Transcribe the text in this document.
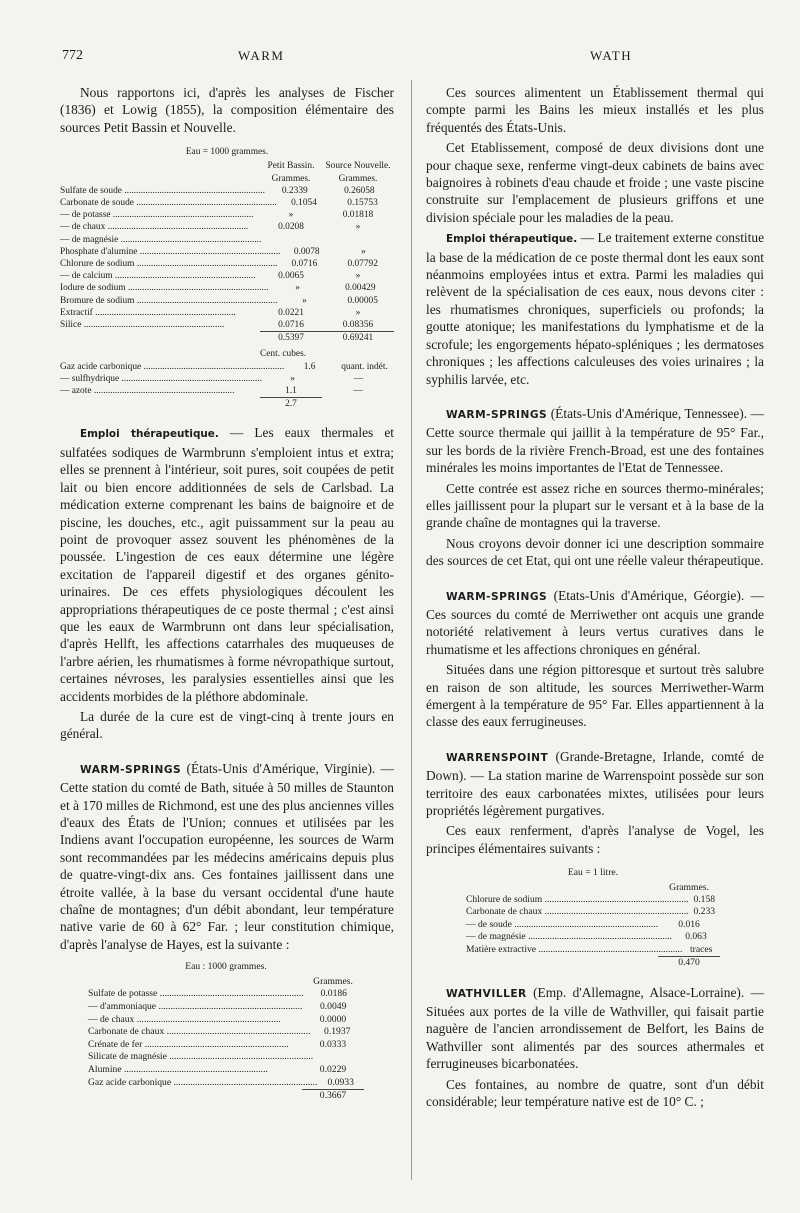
772	WARM	WATH

Nous rapportons ici, d'après les analyses de Fischer (1836) et Lowig (1855), la composition élémentaire des sources Petit Bassin et Nouvelle.

Eau = 1000 grammes.
Petit Bassin.	Source Nouvelle.
Grammes.	Grammes.
Sulfate de soude ............................................................	0.2339	0.26058
Carbonate de soude ............................................................	0.1054	0.15753
— de potasse ............................................................	»	0.01818
— de chaux ............................................................	0.0208	»
— de magnésie ............................................................
Phosphate d'alumine ............................................................	0.0078	»
Chlorure de sodium ............................................................	0.0716	0.07792
— de calcium ............................................................	0.0065	»
Iodure de sodium ............................................................	»	0.00429
Bromure de sodium ............................................................	»	0.00005
Extractif ............................................................	0.0221	»
Silice ............................................................	0.0716	0.08356
0.5397	0.69241
Cent. cubes.
Gaz acide carbonique ............................................................	1.6	quant. indét.
— sulfhydrique ............................................................	»	—
— azote ............................................................	1.1	—
2.7

Emploi thérapeutique. — Les eaux thermales et sulfatées sodiques de Warmbrunn s'emploient intus et extra; elles se prennent à l'intérieur, soit pures, soit coupées de petit lait ou bien encore additionnées de sels de Carlsbad. La médication externe comprenant les bains de baignoire et de piscine, les douches, etc., agit puissamment sur la peau au point de provoquer assez souvent les phénomènes de la poussée. L'ingestion de ces eaux détermine une légère excitation de l'appareil digestif et des organes génito-urinaires. De ces effets physiologiques découlent les appropriations thérapeutiques de ce poste thermal ; c'est ainsi que les eaux de Warmbrunn ont dans leur spécialisation, d'après Hellft, les affections catarrhales des muqueuses de l'arbre aérien, les rhumatismes à forme névropathique surtout, certaines névroses, les paralysies essentielles ainsi que les accidents morbides de la pléthore abdominale.

La durée de la cure est de vingt-cinq à trente jours en général.

WARM-SPRINGS (États-Unis d'Amérique, Virginie). — Cette station du comté de Bath, située à 50 milles de Staunton et à 170 milles de Richmond, est une des plus anciennes villes d'eaux des États de l'Union; connues et utilisées par les Indiens avant l'occupation européenne, les sources de Warm sont recommandées par les médecins américains depuis plus de quatre-vingt-dix ans. Ces fontaines jaillissent dans une étroite vallée, à la base du versant occidental d'une haute chaîne de montagnes; d'un débit abondant, leur température native varie de 60 à 62° Far. ; leur constitution chimique, d'après l'analyse de Hayes, est la suivante :

Eau : 1000 grammes.
Grammes.
Sulfate de potasse ............................................................	0.0186
— d'ammoniaque ............................................................	0.0049
— de chaux ............................................................	0.0000
Carbonate de chaux ............................................................	0.1937
Crénate de fer ............................................................	0.0333
Silicate de magnésie ............................................................
Alumine ............................................................	0.0229
Gaz acide carbonique ............................................................	0.0933
0.3667

Ces sources alimentent un Établissement thermal qui compte parmi les Bains les mieux installés et les plus fréquentés des États-Unis.

Cet Etablissement, composé de deux divisions dont une pour chaque sexe, renferme vingt-deux cabinets de bains avec baignoires à robinets d'eau chaude et froide ; une vaste piscine construite sur l'emplacement de plusieurs griffons et une division spéciale pour les maladies de la peau.

Emploi thérapeutique. — Le traitement externe constitue la base de la médication de ce poste thermal dont les eaux sont néanmoins employées intus et extra. Parmi les maladies qui relèvent de la spécialisation de ces eaux, nous devons citer : les rhumatismes chroniques, superficiels ou profonds; la goutte atonique; les manifestations du lymphatisme et de la scrofule; les engorgements hépato-spléniques ; les dermatoses chroniques ; les affections calculeuses des voies urinaires ; la syphilis larvée, etc.

WARM-SPRINGS (États-Unis d'Amérique, Tennessee). — Cette source thermale qui jaillit à la température de 95° Far., sur les bords de la rivière French-Broad, est une des fontaines minérales les moins importantes de l'Etat de Tennessee.

Cette contrée est assez riche en sources thermo-minérales; elles jaillissent pour la plupart sur le versant et à la base de la grande chaîne de montagnes qui la traverse.

Nous croyons devoir donner ici une description sommaire des sources de cet Etat, qui ont une réelle valeur thérapeutique.

WARM-SPRINGS (Etats-Unis d'Amérique, Géorgie). — Ces sources du comté de Merriwether ont acquis une grande notoriété relativement à leurs vertus curatives dans le rhumatisme et les affections chroniques en général.

Situées dans une région pittoresque et surtout très salubre en raison de son altitude, les sources Merriwether-Warm émergent à la température de 95° Far. Elles appartiennent à la classe des eaux ferrugineuses.

WARRENSPOINT (Grande-Bretagne, Irlande, comté de Down). — La station marine de Warrenspoint possède sur son territoire des eaux carbonatées mixtes, utilisées pour leurs propriétés légèrement purgatives.

Ces eaux renferment, d'après l'analyse de Vogel, les principes élémentaires suivants :

Eau = 1 litre.
Grammes.
Chlorure de sodium ............................................................ 0.158
Carbonate de chaux ............................................................ 0.233
— de soude ............................................................	0.016
— de magnésie ............................................................	0.063
Matière extractive ............................................................ traces
0.470

WATHVILLER (Emp. d'Allemagne, Alsace-Lorraine). — Situées aux portes de la ville de Wathviller, qui faisait partie naguère de l'ancien arrondissement de Belfort, les Bains de Wathviller sont alimentés par des sources athermales et ferrugineuses bicarbonatées.

Ces fontaines, au nombre de quatre, sont d'un débit considérable; leur température native est de 10° C. ;
